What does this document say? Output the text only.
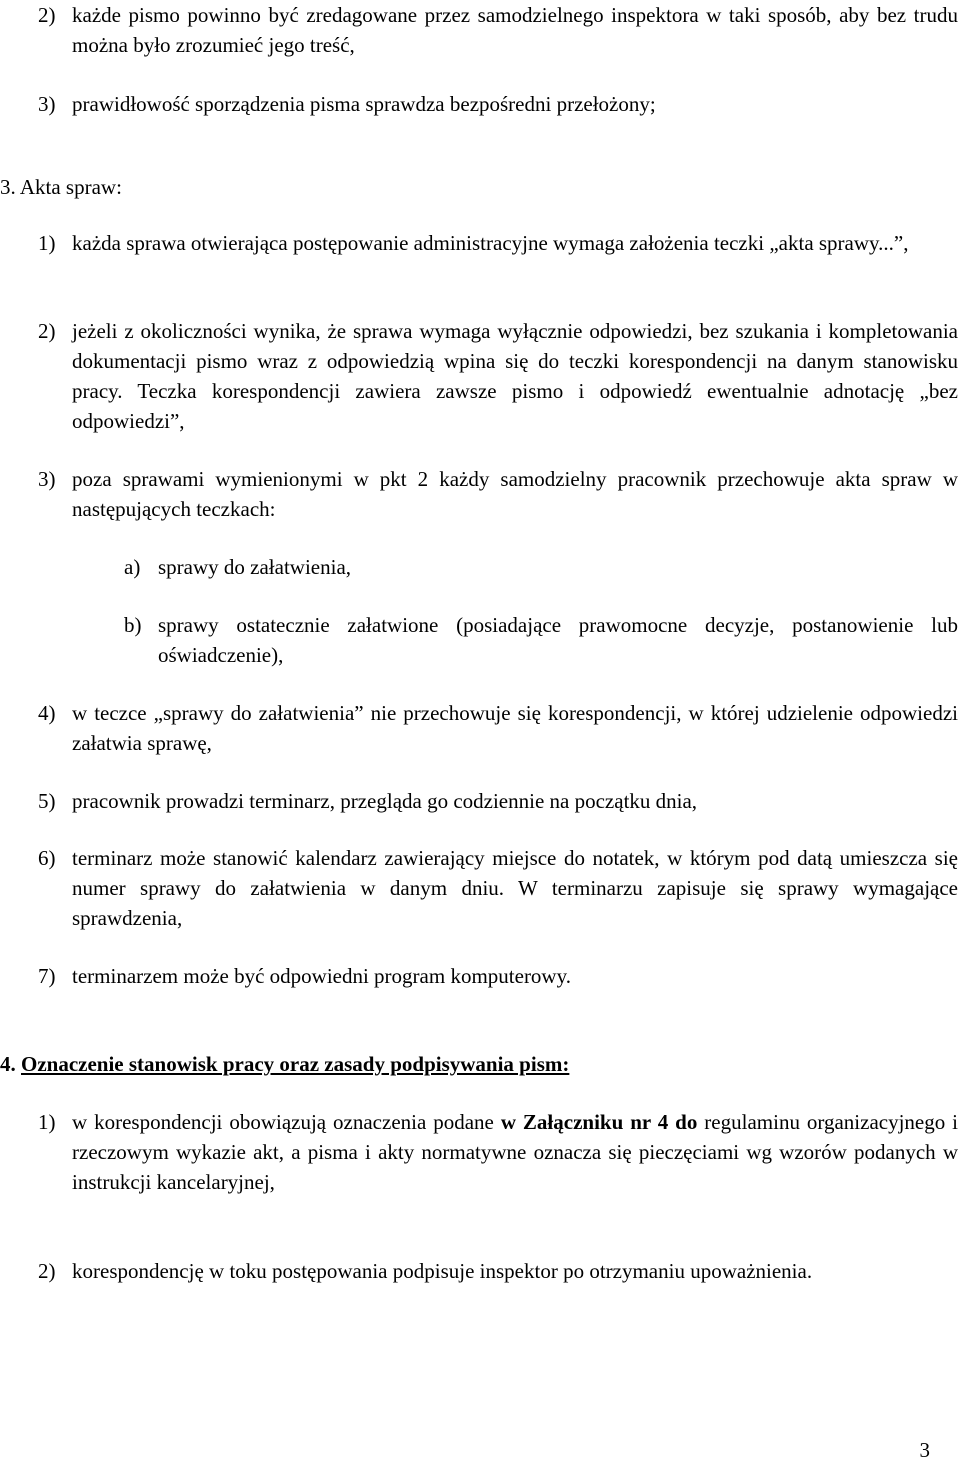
2) każde pismo powinno być zredagowane przez samodzielnego inspektora w taki sposób, aby bez trudu można było zrozumieć jego treść,
3) prawidłowość sporządzenia pisma sprawdza bezpośredni przełożony;
3. Akta spraw:
1) każda sprawa otwierająca postępowanie administracyjne wymaga założenia teczki „akta sprawy...”,
2) jeżeli z okoliczności wynika, że sprawa wymaga wyłącznie odpowiedzi, bez szukania i kompletowania dokumentacji pismo wraz z odpowiedzią wpina się do teczki korespondencji na danym stanowisku pracy. Teczka korespondencji zawiera zawsze pismo i odpowiedź ewentualnie adnotację „bez odpowiedzi”,
3) poza sprawami wymienionymi w pkt 2 każdy samodzielny pracownik przechowuje akta spraw w następujących teczkach:
a) sprawy do załatwienia,
b) sprawy ostatecznie załatwione (posiadające prawomocne decyzje, postanowienie lub oświadczenie),
4) w teczce „sprawy do załatwienia” nie przechowuje się korespondencji, w której udzielenie odpowiedzi załatwia sprawę,
5) pracownik prowadzi terminarz, przegląda go codziennie na początku dnia,
6) terminarz może stanowić kalendarz zawierający miejsce do notatek, w którym pod datą umieszcza się numer sprawy do załatwienia w danym dniu. W terminarzu zapisuje się sprawy wymagające sprawdzenia,
7) terminarzem może być odpowiedni program komputerowy.
4. Oznaczenie stanowisk pracy oraz zasady podpisywania pism:
1) w korespondencji obowiązują oznaczenia podane w Załączniku nr 4 do regulaminu organizacyjnego i rzeczowym wykazie akt, a pisma i akty normatywne oznacza się pieczęciami wg wzorów podanych w instrukcji kancelaryjnej,
2) korespondencję w toku postępowania podpisuje inspektor po otrzymaniu upoważnienia.
3
